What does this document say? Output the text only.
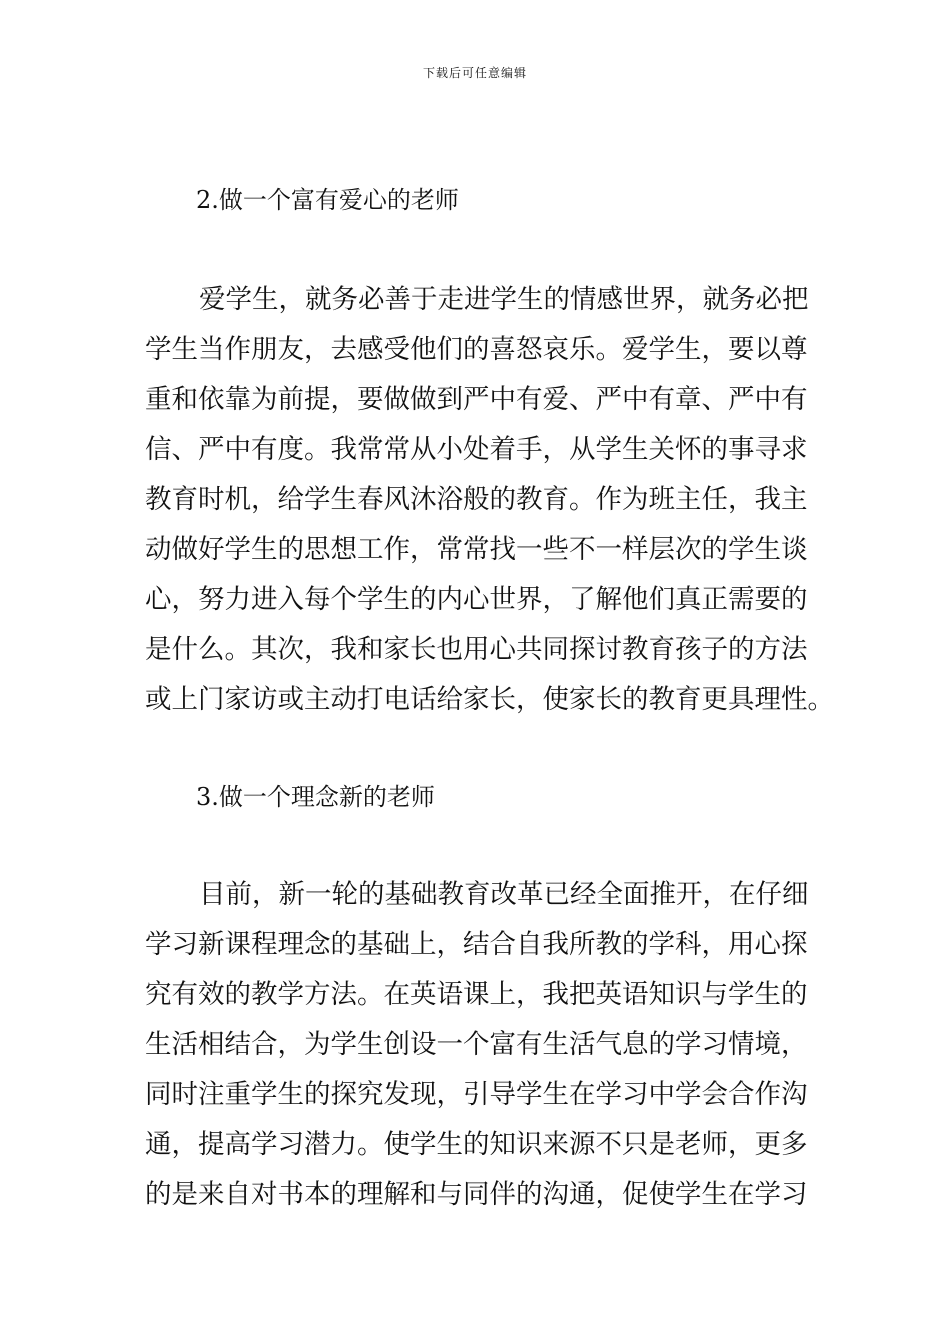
下载后可任意编辑
2.做一个富有爱心的老师
爱学生，就务必善于走进学生的情感世界，就务必把
学生当作朋友，去感受他们的喜怒哀乐。爱学生，要以尊
重和依靠为前提，要做做到严中有爱、严中有章、严中有
信、严中有度。我常常从小处着手，从学生关怀的事寻求
教育时机，给学生春风沐浴般的教育。作为班主任，我主
动做好学生的思想工作，常常找一些不一样层次的学生谈
心，努力进入每个学生的内心世界，了解他们真正需要的
是什么。其次，我和家长也用心共同探讨教育孩子的方法
或上门家访或主动打电话给家长，使家长的教育更具理性。
3.做一个理念新的老师
目前，新一轮的基础教育改革已经全面推开，在仔细
学习新课程理念的基础上，结合自我所教的学科，用心探
究有效的教学方法。在英语课上，我把英语知识与学生的
生活相结合，为学生创设一个富有生活气息的学习情境，
同时注重学生的探究发现，引导学生在学习中学会合作沟
通，提高学习潜力。使学生的知识来源不只是老师，更多
的是来自对书本的理解和与同伴的沟通，促使学生在学习
